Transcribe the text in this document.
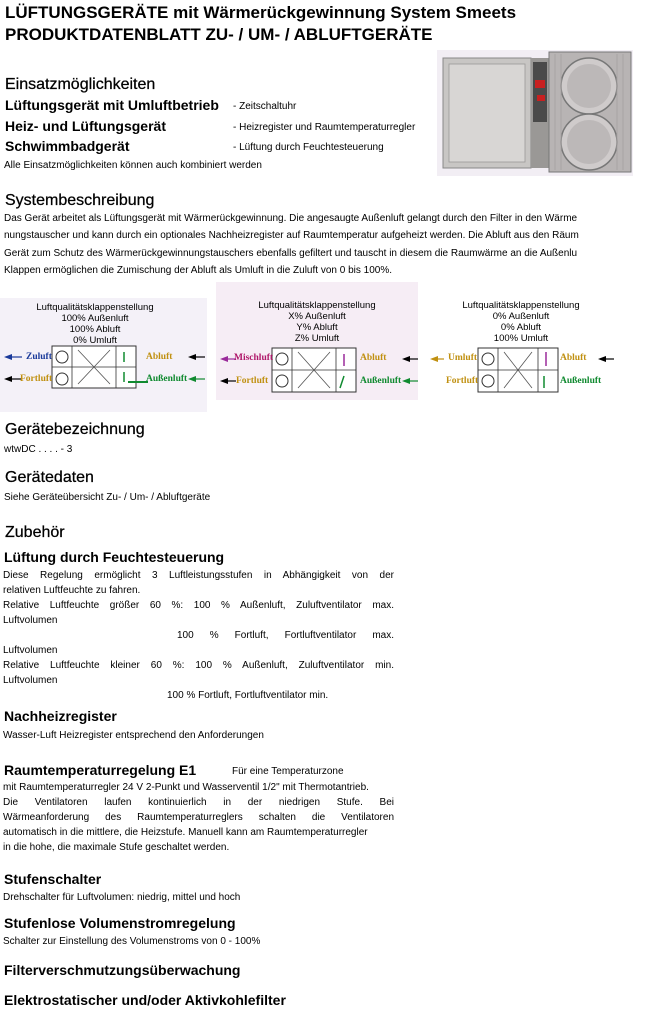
LÜFTUNGSGERÄTE mit Wärmerückgewinnung System Smeets
PRODUKTDATENBLATT ZU- / UM- / ABLUFTGERÄTE
Einsatzmöglichkeiten
Lüftungsgerät mit Umluftbetrieb - Zeitschaltuhr
Heiz- und Lüftungsgerät	- Heizregister und Raumtemperaturregler
Schwimmbadgerät	- Lüftung durch Feuchtesteuerung
Alle Einsatzmöglichkeiten können auch kombiniert werden
Systembeschreibung
Das Gerät arbeitet als Lüftungsgerät mit Wärmerückgewinnung. Die angesaugte Außenluft gelangt durch den Filter in den Wärme
nungstauscher und kann durch ein optionales Nachheizregister auf Raumtemperatur aufgeheizt werden. Die Abluft aus den Räum
Gerät zum Schutz des Wärmerückgewinnungstauschers ebenfalls gefiltert und tauscht in diesem die Raumwärme an die Außenlu
Klappen ermöglichen die Zumischung der Abluft als Umluft in die Zuluft von 0 bis 100%.
Luftqualitätsklappenstellung
100% Außenluft
100% Abluft
0% Umluft
Zuluft
Fortluft
Abluft
Außenluft
Luftqualitätsklappenstellung
X% Außenluft
Y% Abluft
Z% Umluft
Mischluft
Fortluft
Abluft
Außenluft
Luftqualitätsklappenstellung
0% Außenluft
0% Abluft
100% Umluft
Umluft
Fortluft
Abluft
Außenluft
Gerätebezeichnung
wtwDC . . . . - 3
Gerätedaten
Siehe Geräteübersicht Zu- / Um- / Abluftgeräte
Zubehör
Lüftung durch Feuchtesteuerung
Diese Regelung ermöglicht 3 Luftleistungsstufen in Abhängigkeit von der
relativen Luftfeuchte zu fahren.
Relative Luftfeuchte größer 60 %: 100 % Außenluft, Zuluftventilator max.
Luftvolumen
100 % Fortluft, Fortluftventilator max.
Luftvolumen
Relative Luftfeuchte kleiner 60 %: 100 % Außenluft, Zuluftventilator min.
Luftvolumen
100 % Fortluft, Fortluftventilator min.
Nachheizregister
Wasser-Luft Heizregister entsprechend den Anforderungen
Raumtemperaturregelung E1	Für eine Temperaturzone
mit Raumtemperaturregler 24 V 2-Punkt und Wasserventil 1/2" mit Thermotantrieb.
Die Ventilatoren laufen kontinuierlich in der niedrigen Stufe. Bei
Wärmeanforderung des Raumtemperaturreglers schalten die Ventilatoren
automatisch in die mittlere, die Heizstufe. Manuell kann am Raumtemperaturregler
in die hohe, die maximale Stufe geschaltet werden.
Stufenschalter
Drehschalter für Luftvolumen: niedrig, mittel und hoch
Stufenlose Volumenstromregelung
Schalter zur Einstellung des Volumenstroms von 0 - 100%
Filterverschmutzungsüberwachung
Elektrostatischer und/oder Aktivkohlefilter
